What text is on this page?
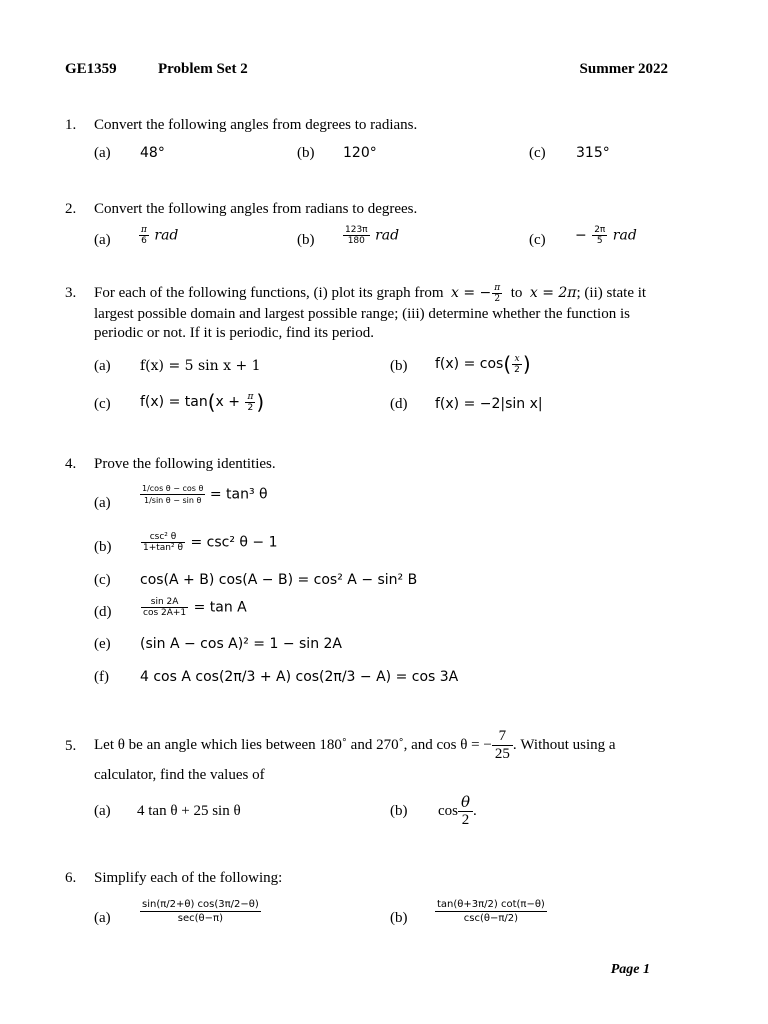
GE1359	Problem Set 2	Summer 2022
1. Convert the following angles from degrees to radians.
(a) 48°	(b) 120°	(c) 315°
2. Convert the following angles from radians to degrees.
(a)	$\frac{\pi}{6}$ rad	(b)	$\frac{123\pi}{180}$ rad	$(c) - \frac{2\pi}{5}$ rad
3. For each of the following functions, (i) plot its graph from x = − $\frac{\pi}{2}$ to x = 2π; (ii) state it
largest possible domain and largest possible range; (iii) determine whether the function is
periodic or not. If it is periodic, find its period.
(a) f(x) = 5 sin x + 1	(b) $f(x) = \cos( \frac{x}{2}$ )
(c) $f(x) = \tan(x + \frac{\pi}{2}$ )	(d) f(x) = −2|sin x|
4. Prove the following identities.
(a)	$\frac{\text{1/cos θ − cos θ}}{\text{1/sin θ − sin θ}} = \tan^3$ θ
(b)	$\frac{\text{csc² θ}}{\text{1+tan² θ}} = \csc^2$ θ − 1
(c) cos(A + B) cos(A − B) = cos² A − sin² B
(d)	$\frac{\sin 2A}{\cos 2A+1} = \tan A$
(e) (sin A − cos A)² = 1 − sin 2A
(f) 4 cos A cos(2π/3 + A) cos(2π/3 − A) = cos 3A
5. Let θ be an angle which lies between 180˚ and 270˚, and cos θ = − $\frac{7}{25}$ . Without using a
calculator, find the values of
(a) 4 tan θ + 25 sin θ	(b) $\cos \frac{\theta}{2}$ .
6. Simplify each of the following:
(a)	$\frac{\sin(\pi/2+\theta) \cos(3\pi/2-\theta)}{\sec(\theta-\pi)}$	(b)	$\frac{\tan(\theta+3\pi/2) \cot(\pi-\theta)}{\csc(\theta-\pi/2)}$
Page 1
